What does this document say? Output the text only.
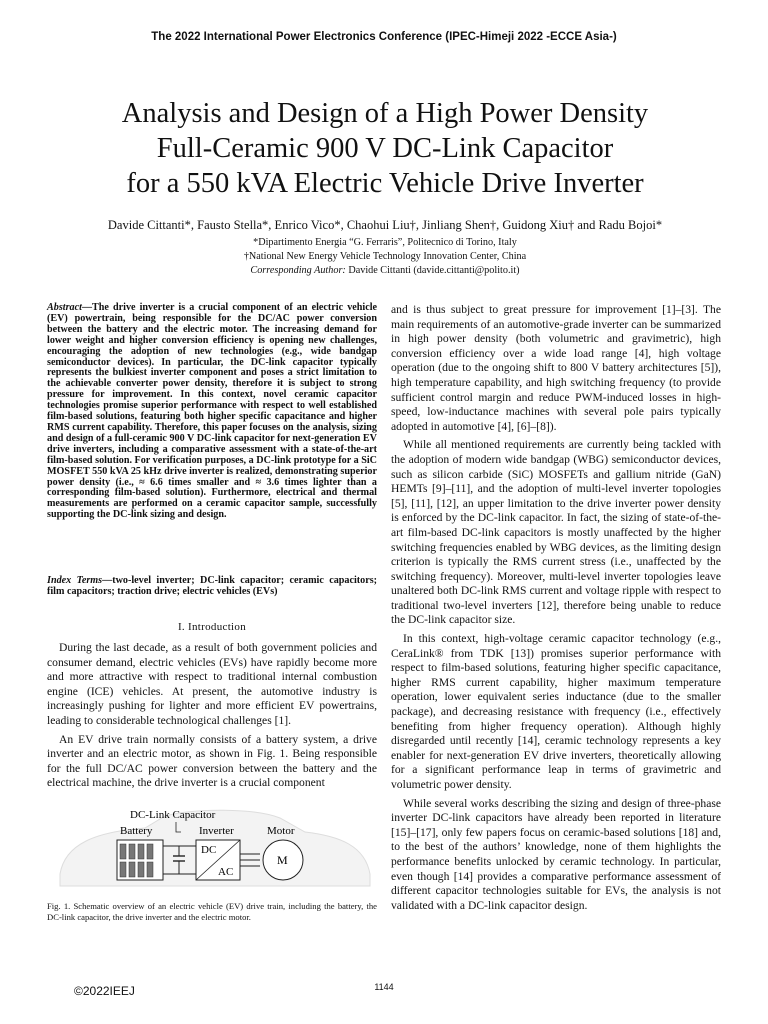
The 2022 International Power Electronics Conference (IPEC-Himeji 2022 -ECCE Asia-)
Analysis and Design of a High Power Density
Full-Ceramic 900 V DC-Link Capacitor
for a 550 kVA Electric Vehicle Drive Inverter
Davide Cittanti*, Fausto Stella*, Enrico Vico*, Chaohui Liu†, Jinliang Shen†, Guidong Xiu† and Radu Bojoi*
*Dipartimento Energia “G. Ferraris”, Politecnico di Torino, Italy
†National New Energy Vehicle Technology Innovation Center, China
Corresponding Author: Davide Cittanti (davide.cittanti@polito.it)
Abstract—The drive inverter is a crucial component of an electric vehicle (EV) powertrain, being responsible for the DC/AC power conversion between the battery and the electric motor. The increasing demand for lower weight and higher conversion efficiency is opening new challenges, encouraging the adoption of new technologies (e.g., wide bandgap semiconductor devices). In particular, the DC-link capacitor typically represents the bulkiest inverter component and poses a strict limitation to the achievable converter power density, therefore it is subject to strong pressure for improvement. In this context, novel ceramic capacitor technologies promise superior performance with respect to well established film-based solutions, featuring both higher specific capacitance and higher RMS current capability. Therefore, this paper focuses on the analysis, sizing and design of a full-ceramic 900 V DC-link capacitor for next-generation EV drive inverters, including a comparative assessment with a state-of-the-art film-based solution. For verification purposes, a DC-link prototype for a SiC MOSFET 550 kVA 25 kHz drive inverter is realized, demonstrating superior power density (i.e., ≈ 6.6 times smaller and ≈ 3.6 times lighter than a corresponding film-based solution). Furthermore, electrical and thermal measurements are performed on a ceramic capacitor sample, successfully supporting the DC-link sizing and design.
Index Terms—two-level inverter; DC-link capacitor; ceramic capacitors; film capacitors; traction drive; electric vehicles (EVs)
I. Introduction

During the last decade, as a result of both government policies and consumer demand, electric vehicles (EVs) have rapidly become more and more attractive with respect to traditional internal combustion engine (ICE) vehicles. At present, the automotive industry is increasingly pushing for lighter and more efficient EV powertrains, leading to considerable technological challenges [1].

An EV drive train normally consists of a battery system, a drive inverter and an electric motor, as shown in Fig. 1. Being responsible for the full DC/AC power conversion between the battery and the electrical machine, the drive inverter is a crucial component

DC-Link Capacitor
Battery	Inverter	Motor
DC
AC
M
Fig. 1. Schematic overview of an electric vehicle (EV) drive train, including the battery, the DC-link capacitor, the drive inverter and the electric motor.

and is thus subject to great pressure for improvement [1]–[3]. The main requirements of an automotive-grade inverter can be summarized in high power density (both volumetric and gravimetric), high conversion efficiency over a wide load range [4], high voltage operation (due to the ongoing shift to 800 V battery architectures [5]), high temperature capability, and high switching frequency (to provide sufficient control margin and reduce PWM-induced losses in high-speed, low-inductance machines with several pole pairs typically adopted in automotive [4], [6]–[8]).

While all mentioned requirements are currently being tackled with the adoption of modern wide bandgap (WBG) semiconductor devices, such as silicon carbide (SiC) MOSFETs and gallium nitride (GaN) HEMTs [9]–[11], and the adoption of multi-level inverter topologies [5], [11], [12], an upper limitation to the drive inverter power density is enforced by the DC-link capacitor. In fact, the sizing of state-of-the-art film-based DC-link capacitors is mostly unaffected by the higher switching frequencies enabled by WBG devices, as the limiting design criterion is typically the RMS current stress (i.e., unaffected by the switching frequency). Moreover, multi-level inverter topologies leave unaltered both DC-link RMS current and voltage ripple with respect to traditional two-level inverters [12], therefore being unable to reduce the DC-link capacitor size.

In this context, high-voltage ceramic capacitor technology (e.g., CeraLink® from TDK [13]) promises superior performance with respect to film-based solutions, featuring higher specific capacitance, higher RMS current capability, higher maximum temperature operation, lower equivalent series inductance (due to the smaller package), and decreasing resistance with frequency (i.e., effectively benefiting from higher frequency operation). Although highly disregarded until recently [14], ceramic technology represents a key enabler for next-generation EV drive inverters, theoretically allowing for a significant performance leap in terms of gravimetric and volumetric power density.

While several works describing the sizing and design of three-phase inverter DC-link capacitors have already been reported in literature [15]–[17], only few papers focus on ceramic-based solutions [18] and, to the best of the authors’ knowledge, none of them highlights the performance benefits unlocked by ceramic technology. In particular, even though [14] provides a comparative performance assessment of different capacitor technologies suitable for EVs, the analysis is not validated with a DC-link capacitor design.

©2022IEEJ	1144
